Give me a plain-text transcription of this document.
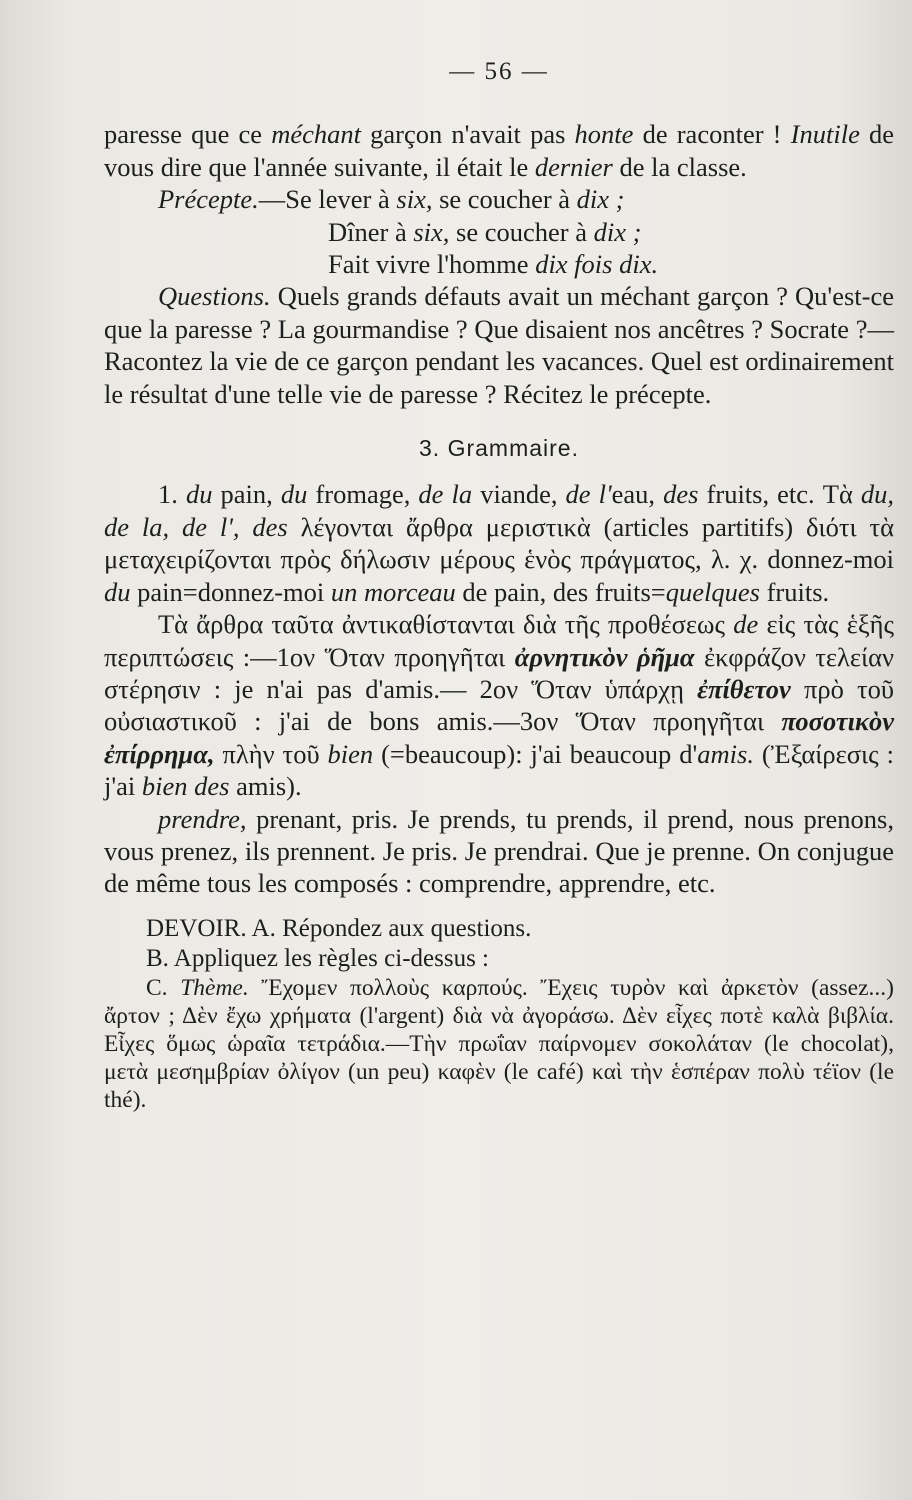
— 56 —

paresse que ce méchant garçon n'avait pas honte de raconter ! Inutile de vous dire que l'année suivante, il était le dernier de la classe.

Précepte.—Se lever à six, se coucher à dix ;

Dîner à six, se coucher à dix ;

Fait vivre l'homme dix fois dix.

Questions. Quels grands défauts avait un méchant garçon ? Qu'est-ce que la paresse ? La gourmandise ? Que disaient nos ancêtres ? Socrate ?—Racontez la vie de ce garçon pendant les vacances. Quel est ordinairement le résultat d'une telle vie de paresse ? Récitez le précepte.

3. Grammaire.

1. du pain, du fromage, de la viande, de l'eau, des fruits, etc. Τὰ du, de la, de l', des λέγονται ἄρθρα μεριστικὰ (articles partitifs) διότι τὰ μεταχειρίζονται πρὸς δήλωσιν μέρους ἑνὸς πράγματος, λ. χ. donnez-moi du pain=donnez-moi un morceau de pain, des fruits=quelques fruits.

Τὰ ἄρθρα ταῦτα ἀντικαθίστανται διὰ τῆς προθέσεως de εἰς τὰς ἑξῆς περιπτώσεις :—1ον Ὅταν προηγῆται ἀρνητικὸν ῥῆμα ἐκφράζον τελείαν στέρησιν : je n'ai pas d'amis.— 2ον Ὅταν ὑπάρχῃ ἐπίθετον πρὸ τοῦ οὐσιαστικοῦ : j'ai de bons amis.—3ον Ὅταν προηγῆται ποσοτικὸν ἐπίρρημα, πλὴν τοῦ bien (=beaucoup): j'ai beaucoup d'amis. (Ἐξαίρεσις : j'ai bien des amis).

prendre, prenant, pris. Je prends, tu prends, il prend, nous prenons, vous prenez, ils prennent. Je pris. Je prendrai. Que je prenne. On conjugue de même tous les composés : comprendre, apprendre, etc.

DEVOIR. A. Répondez aux questions.

B. Appliquez les règles ci-dessus :

C. Thème. Ἔχομεν πολλοὺς καρπούς. Ἔχεις τυρὸν καὶ ἀρκετὸν (assez...) ἄρτον ; Δὲν ἔχω χρήματα (l'argent) διὰ νὰ ἀγοράσω. Δὲν εἶχες ποτὲ καλὰ βιβλία. Εἶχες ὅμως ὡραῖα τετράδια.—Τὴν πρωΐαν παίρνομεν σοκολάταν (le chocolat), μετὰ μεσημβρίαν ὀλίγον (un peu) καφὲν (le café) καὶ τὴν ἑσπέραν πολὺ τέϊον (le thé).
